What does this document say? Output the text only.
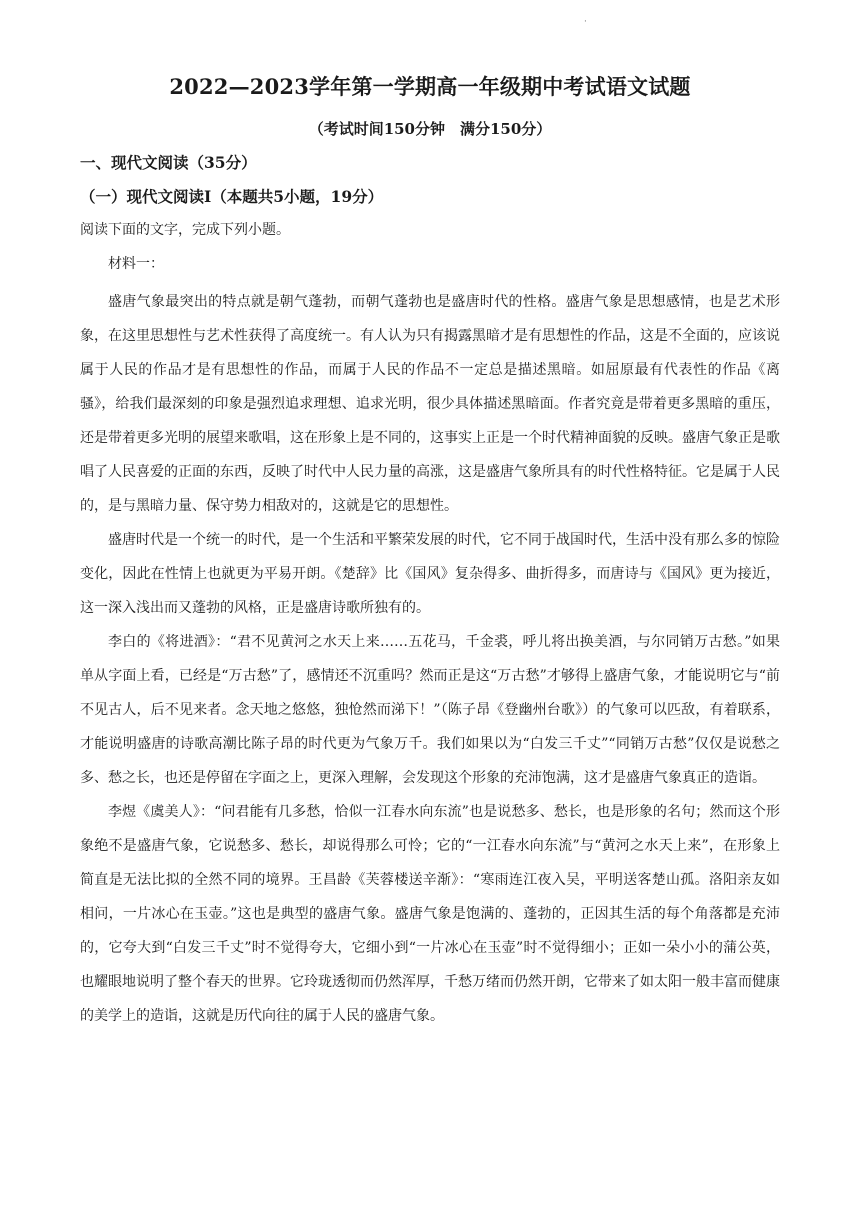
·
2022—2023学年第一学期高一年级期中考试语文试题
（考试时间150分钟　满分150分）
一、现代文阅读（35分）
（一）现代文阅读Ⅰ（本题共5小题，19分）
阅读下面的文字，完成下列小题。
材料一：

盛唐气象最突出的特点就是朝气蓬勃，而朝气蓬勃也是盛唐时代的性格。盛唐气象是思想感情，也是艺术形象，在这里思想性与艺术性获得了高度统一。有人认为只有揭露黑暗才是有思想性的作品，这是不全面的，应该说属于人民的作品才是有思想性的作品，而属于人民的作品不一定总是描述黑暗。如屈原最有代表性的作品《离骚》，给我们最深刻的印象是强烈追求理想、追求光明，很少具体描述黑暗面。作者究竟是带着更多黑暗的重压，还是带着更多光明的展望来歌唱，这在形象上是不同的，这事实上正是一个时代精神面貌的反映。盛唐气象正是歌唱了人民喜爱的正面的东西，反映了时代中人民力量的高涨，这是盛唐气象所具有的时代性格特征。它是属于人民的，是与黑暗力量、保守势力相敌对的，这就是它的思想性。

盛唐时代是一个统一的时代，是一个生活和平繁荣发展的时代，它不同于战国时代，生活中没有那么多的惊险变化，因此在性情上也就更为平易开朗。《楚辞》比《国风》复杂得多、曲折得多，而唐诗与《国风》更为接近，这一深入浅出而又蓬勃的风格，正是盛唐诗歌所独有的。

李白的《将进酒》：“君不见黄河之水天上来……五花马，千金裘，呼儿将出换美酒，与尔同销万古愁。”如果单从字面上看，已经是“万古愁”了，感情还不沉重吗？然而正是这“万古愁”才够得上盛唐气象，才能说明它与“前不见古人，后不见来者。念天地之悠悠，独怆然而涕下！”（陈子昂《登幽州台歌》）的气象可以匹敌，有着联系，才能说明盛唐的诗歌高潮比陈子昂的时代更为气象万千。我们如果以为“白发三千丈”“同销万古愁”仅仅是说愁之多、愁之长，也还是停留在字面之上，更深入理解，会发现这个形象的充沛饱满，这才是盛唐气象真正的造诣。

李煜《虞美人》：“问君能有几多愁，恰似一江春水向东流”也是说愁多、愁长，也是形象的名句；然而这个形象绝不是盛唐气象，它说愁多、愁长，却说得那么可怜；它的“一江春水向东流”与“黄河之水天上来”，在形象上简直是无法比拟的全然不同的境界。王昌龄《芙蓉楼送辛渐》：“寒雨连江夜入吴，平明送客楚山孤。洛阳亲友如相问，一片冰心在玉壶。”这也是典型的盛唐气象。盛唐气象是饱满的、蓬勃的，正因其生活的每个角落都是充沛的，它夸大到“白发三千丈”时不觉得夸大，它细小到“一片冰心在玉壶”时不觉得细小；正如一朵小小的蒲公英，也耀眼地说明了整个春天的世界。它玲珑透彻而仍然浑厚，千愁万绪而仍然开朗，它带来了如太阳一般丰富而健康的美学上的造诣，这就是历代向往的属于人民的盛唐气象。
